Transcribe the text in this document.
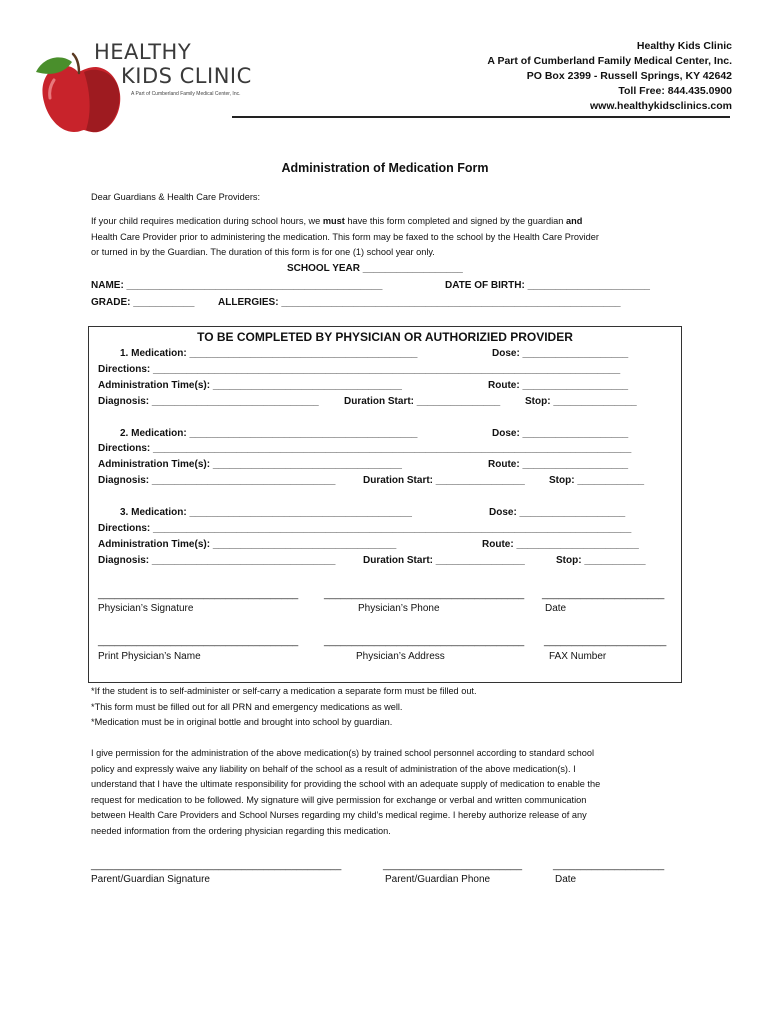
HEALTHY
KIDS CLINIC
A Part of Cumberland Family Medical Center, Inc.
Healthy Kids Clinic
A Part of Cumberland Family Medical Center, Inc.
PO Box 2399 - Russell Springs, KY 42642
Toll Free: 844.435.0900
www.healthykidsclinics.com
Administration of Medication Form
Dear Guardians & Health Care Providers:
If your child requires medication during school hours, we must have this form completed and signed by the guardian and
Health Care Provider prior to administering the medication. This form may be faxed to the school by the Health Care Provider
or turned in by the Guardian. The duration of this form is for one (1) school year only.
SCHOOL YEAR __________________
NAME: ______________________________________________	DATE OF BIRTH: ______________________
GRADE: ___________ ALLERGIES: _____________________________________________________________
TO BE COMPLETED BY PHYSICIAN OR AUTHORIZIED PROVIDER
1. Medication: _________________________________________	Dose: ___________________
Directions: ____________________________________________________________________________________
Administration Time(s): __________________________________	Route: ___________________
Diagnosis: ______________________________	Duration Start: _______________ Stop: _______________
2. Medication: _________________________________________	Dose: ___________________
Directions: ______________________________________________________________________________________
Administration Time(s): __________________________________	Route: ___________________
Diagnosis: _________________________________	Duration Start: ________________ Stop: ____________
3. Medication: ________________________________________	Dose: ___________________
Directions: ______________________________________________________________________________________
Administration Time(s): _________________________________	Route: ______________________
Diagnosis: _________________________________	Duration Start: ________________	Stop: ___________
____________________________________	____________________________________ ______________________
Physician’s Signature	Physician’s Phone	Date
____________________________________	____________________________________ ______________________
Print Physician’s Name	Physician’s Address	FAX Number
*If the student is to self-administer or self-carry a medication a separate form must be filled out.
*This form must be filled out for all PRN and emergency medications as well.
*Medication must be in original bottle and brought into school by guardian.
I give permission for the administration of the above medication(s) by trained school personnel according to standard school
policy and expressly waive any liability on behalf of the school as a result of administration of the above medication(s). I
understand that I have the ultimate responsibility for providing the school with an adequate supply of medication to enable the
request for medication to be followed. My signature will give permission for exchange or verbal and written communication
between Health Care Providers and School Nurses regarding my child’s medical regime. I hereby authorize release of any
needed information from the ordering physician regarding this medication.
_____________________________________________	_________________________	____________________
Parent/Guardian Signature	Parent/Guardian Phone	Date
